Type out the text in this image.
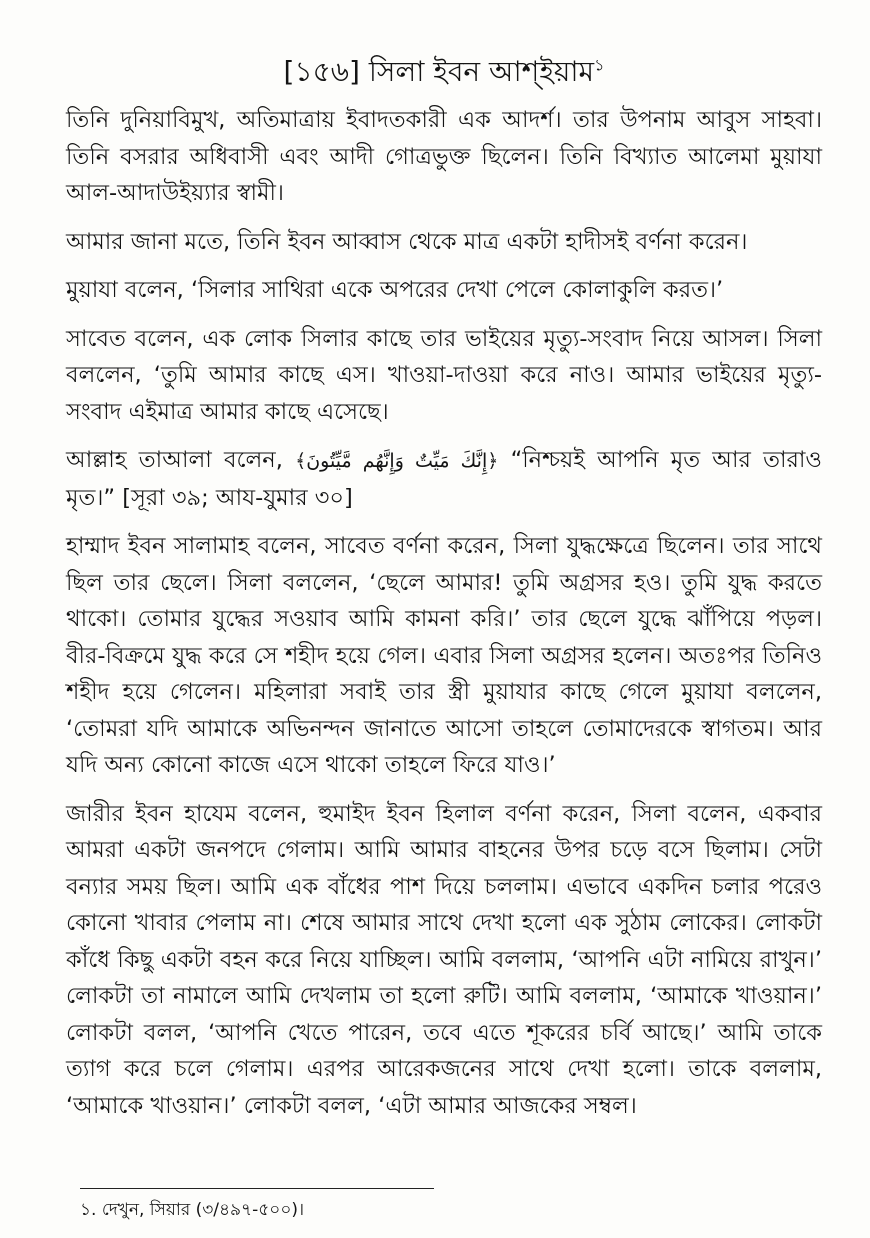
[১৫৬] সিলা ইবন আশ্‌ইয়াম$^১$

তিনি দুনিয়াবিমুখ, অতিমাত্রায় ইবাদতকারী এক আদর্শ। তার উপনাম আবুস সাহবা। তিনি বসরার অধিবাসী এবং আদী গোত্রভুক্ত ছিলেন। তিনি বিখ্যাত আলেমা মুয়াযা আল-আদাউইয়্যার স্বামী।

আমার জানা মতে, তিনি ইবন আব্বাস থেকে মাত্র একটা হাদীসই বর্ণনা করেন।

মুয়াযা বলেন, ‘সিলার সাথিরা একে অপরের দেখা পেলে কোলাকুলি করত।’

সাবেত বলেন, এক লোক সিলার কাছে তার ভাইয়ের মৃত্যু-সংবাদ নিয়ে আসল। সিলা বললেন, ‘তুমি আমার কাছে এস। খাওয়া-দাওয়া করে নাও। আমার ভাইয়ের মৃত্যু-সংবাদ এইমাত্র আমার কাছে এসেছে।

আল্লাহ তাআলা বলেন, ﴿إِنَّكَ مَيِّتٌ وَإِنَّهُم مَّيِّتُونَ﴾ “নিশ্চয়ই আপনি মৃত আর তারাও মৃত।” [সূরা ৩৯; আয-যুমার ৩০]

হাম্মাদ ইবন সালামাহ বলেন, সাবেত বর্ণনা করেন, সিলা যুদ্ধক্ষেত্রে ছিলেন। তার সাথে ছিল তার ছেলে। সিলা বললেন, ‘ছেলে আমার! তুমি অগ্রসর হও। তুমি যুদ্ধ করতে থাকো। তোমার যুদ্ধের সওয়াব আমি কামনা করি।’ তার ছেলে যুদ্ধে ঝাঁপিয়ে পড়ল। বীর-বিক্রমে যুদ্ধ করে সে শহীদ হয়ে গেল। এবার সিলা অগ্রসর হলেন। অতঃপর তিনিও শহীদ হয়ে গেলেন। মহিলারা সবাই তার স্ত্রী মুয়াযার কাছে গেলে মুয়াযা বললেন, ‘তোমরা যদি আমাকে অভিনন্দন জানাতে আসো তাহলে তোমাদেরকে স্বাগতম। আর যদি অন্য কোনো কাজে এসে থাকো তাহলে ফিরে যাও।’

জারীর ইবন হাযেম বলেন, হুমাইদ ইবন হিলাল বর্ণনা করেন, সিলা বলেন, একবার আমরা একটা জনপদে গেলাম। আমি আমার বাহনের উপর চড়ে বসে ছিলাম। সেটা বন্যার সময় ছিল। আমি এক বাঁধের পাশ দিয়ে চললাম। এভাবে একদিন চলার পরেও কোনো খাবার পেলাম না। শেষে আমার সাথে দেখা হলো এক সুঠাম লোকের। লোকটা কাঁধে কিছু একটা বহন করে নিয়ে যাচ্ছিল। আমি বললাম, ‘আপনি এটা নামিয়ে রাখুন।’ লোকটা তা নামালে আমি দেখলাম তা হলো রুটি। আমি বললাম, ‘আমাকে খাওয়ান।’ লোকটা বলল, ‘আপনি খেতে পারেন, তবে এতে শূকরের চর্বি আছে।’ আমি তাকে ত্যাগ করে চলে গেলাম। এরপর আরেকজনের সাথে দেখা হলো। তাকে বললাম, ‘আমাকে খাওয়ান।’ লোকটা বলল, ‘এটা আমার আজকের সম্বল।

১. দেখুন, সিয়ার (৩/৪৯৭-৫০০)।
